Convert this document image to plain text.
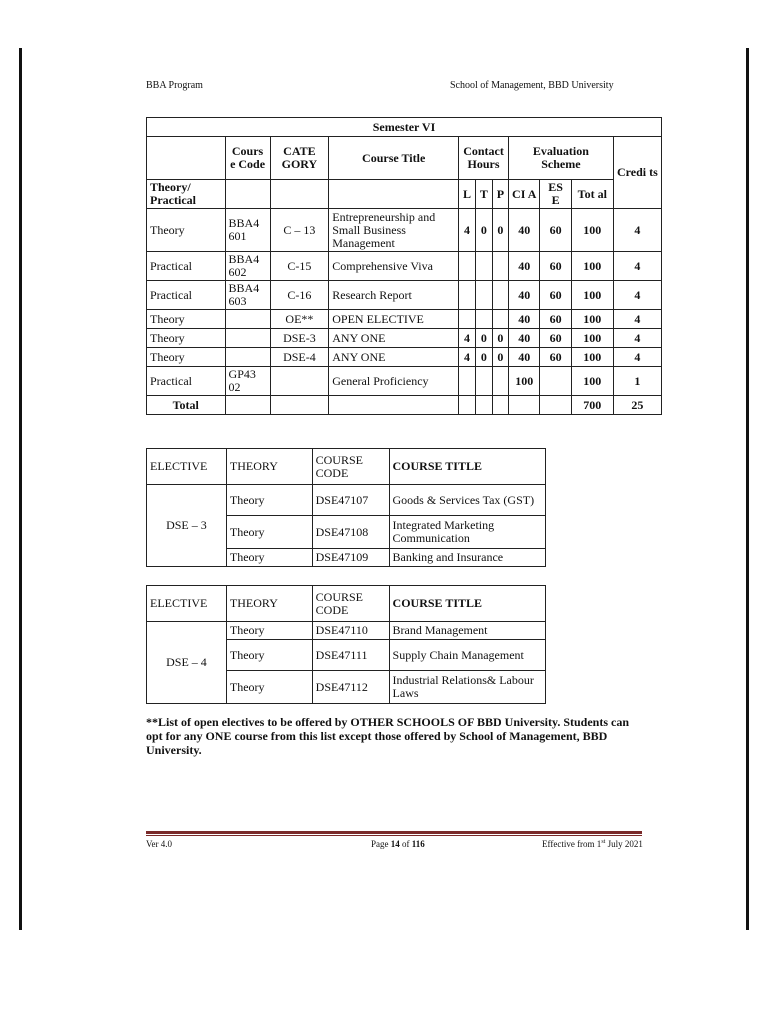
BBA Program	School of Management, BBD University
Semester VI										
	Cours e Code	CATE GORY	Course Title	Contact Hours			Evaluation Scheme			Credi ts
Theory/ Practical				L	T	P	CI A	ES E	Tot al	
Theory	BBA4 601	C – 13	Entrepreneurship and Small Business Management	4	0	0	40	60	100	4
Practical	BBA4 602	C-15	Comprehensive Viva				40	60	100	4
Practical	BBA4 603	C-16	Research Report				40	60	100	4
Theory		OE**	OPEN ELECTIVE				40	60	100	4
Theory		DSE-3	ANY ONE	4	0	0	40	60	100	4
Theory		DSE-4	ANY ONE	4	0	0	40	60	100	4
Practical	GP43 02		General Proficiency				100		100	1
Total									700	25
ELECTIVE	THEORY	COURSE CODE	COURSE TITLE
DSE – 3	Theory	DSE47107	Goods & Services Tax (GST)
	Theory	DSE47108	Integrated Marketing Communication
	Theory	DSE47109	Banking and Insurance
ELECTIVE	THEORY	COURSE CODE	COURSE TITLE
DSE – 4	Theory	DSE47110	Brand Management
	Theory	DSE47111	Supply Chain Management
	Theory	DSE47112	Industrial Relations& Labour Laws
**List of open electives to be offered by OTHER SCHOOLS OF BBD University. Students can opt for any ONE course from this list except those offered by School of Management, BBD University.
Ver 4.0	Page 14 of 116	Effective from 1st July 2021
